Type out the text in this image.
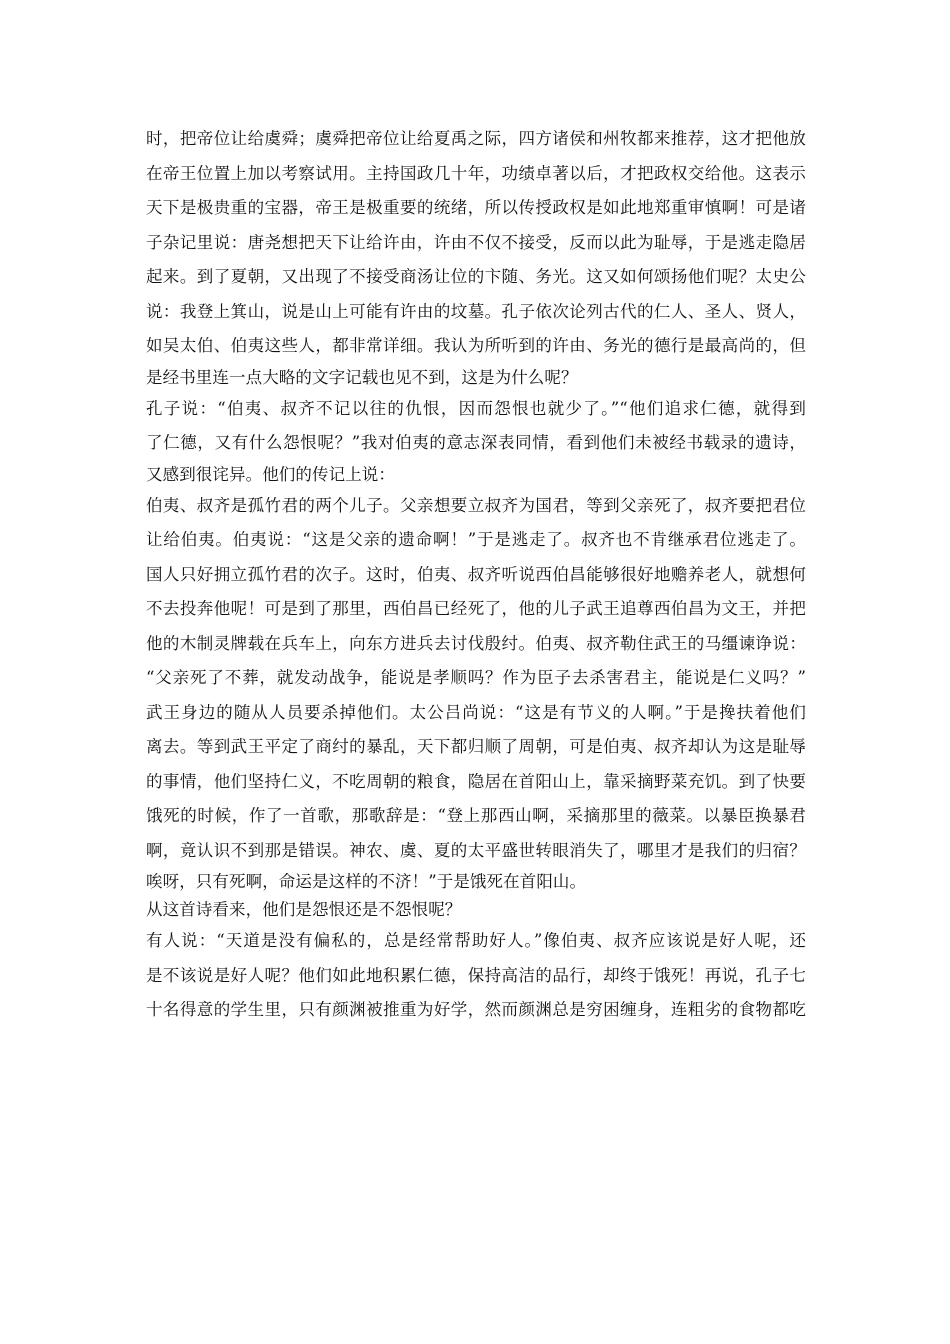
时，把帝位让给虞舜；虞舜把帝位让给夏禹之际，四方诸侯和州牧都来推荐，这才把他放
在帝王位置上加以考察试用。主持国政几十年，功绩卓著以后，才把政权交给他。这表示
天下是极贵重的宝器，帝王是极重要的统绪，所以传授政权是如此地郑重审慎啊！可是诸
子杂记里说：唐尧想把天下让给许由，许由不仅不接受，反而以此为耻辱，于是逃走隐居
起来。到了夏朝，又出现了不接受商汤让位的卞随、务光。这又如何颂扬他们呢？太史公
说：我登上箕山，说是山上可能有许由的坟墓。孔子依次论列古代的仁人、圣人、贤人，
如吴太伯、伯夷这些人，都非常详细。我认为所听到的许由、务光的德行是最高尚的，但
是经书里连一点大略的文字记载也见不到，这是为什么呢？
孔子说：“伯夷、叔齐不记以往的仇恨，因而怨恨也就少了。”“他们追求仁德，就得到
了仁德，又有什么怨恨呢？”我对伯夷的意志深表同情，看到他们未被经书载录的遗诗，
又感到很诧异。他们的传记上说：
伯夷、叔齐是孤竹君的两个儿子。父亲想要立叔齐为国君，等到父亲死了，叔齐要把君位
让给伯夷。伯夷说：“这是父亲的遗命啊！”于是逃走了。叔齐也不肯继承君位逃走了。
国人只好拥立孤竹君的次子。这时，伯夷、叔齐听说西伯昌能够很好地赡养老人，就想何
不去投奔他呢！可是到了那里，西伯昌已经死了，他的儿子武王追尊西伯昌为文王，并把
他的木制灵牌载在兵车上，向东方进兵去讨伐殷纣。伯夷、叔齐勒住武王的马缰谏诤说：
“父亲死了不葬，就发动战争，能说是孝顺吗？作为臣子去杀害君主，能说是仁义吗？”
武王身边的随从人员要杀掉他们。太公吕尚说：“这是有节义的人啊。”于是搀扶着他们
离去。等到武王平定了商纣的暴乱，天下都归顺了周朝，可是伯夷、叔齐却认为这是耻辱
的事情，他们坚持仁义，不吃周朝的粮食，隐居在首阳山上，靠采摘野菜充饥。到了快要
饿死的时候，作了一首歌，那歌辞是：“登上那西山啊，采摘那里的薇菜。以暴臣换暴君
啊，竟认识不到那是错误。神农、虞、夏的太平盛世转眼消失了，哪里才是我们的归宿？
唉呀，只有死啊，命运是这样的不济！”于是饿死在首阳山。
从这首诗看来，他们是怨恨还是不怨恨呢？
有人说：“天道是没有偏私的，总是经常帮助好人。”像伯夷、叔齐应该说是好人呢，还
是不该说是好人呢？他们如此地积累仁德，保持高洁的品行，却终于饿死！再说，孔子七
十名得意的学生里，只有颜渊被推重为好学，然而颜渊总是穷困缠身，连粗劣的食物都吃
